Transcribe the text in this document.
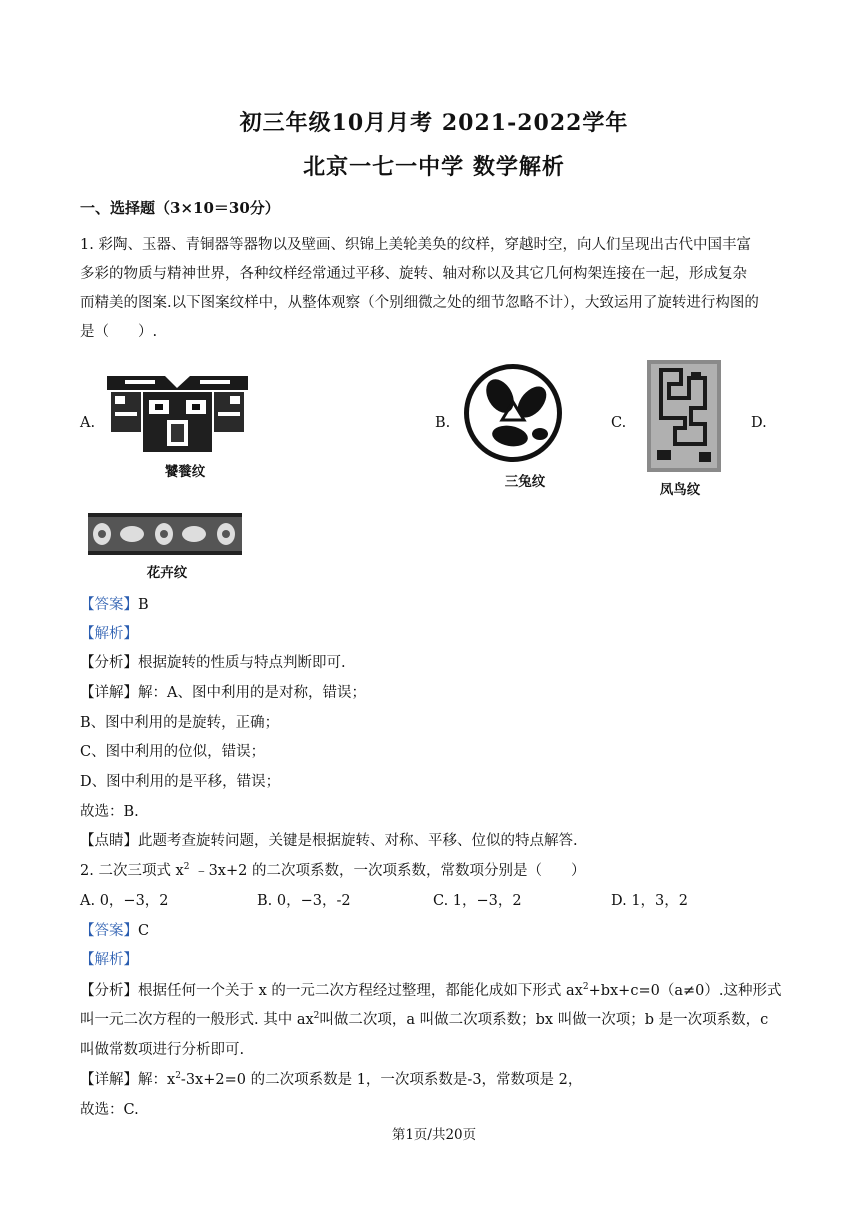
初三年级10月月考 2021-2022学年
北京一七一中学 数学解析
一、选择题（3×10＝30分）
1. 彩陶、玉器、青铜器等器物以及壁画、织锦上美轮美奂的纹样，穿越时空，向人们呈现出古代中国丰富
多彩的物质与精神世界，各种纹样经常通过平移、旋转、轴对称以及其它几何构架连接在一起，形成复杂
而精美的图案.以下图案纹样中，从整体观察（个别细微之处的细节忽略不计），大致运用了旋转进行构图的
是（　　）.
A.
饕餮纹
B.
三兔纹
C.
凤鸟纹
D.
花卉纹
【答案】B
【解析】
【分析】根据旋转的性质与特点判断即可.
【详解】解：A、图中利用的是对称，错误；
B、图中利用的是旋转，正确；
C、图中利用的位似，错误；
D、图中利用的是平移，错误；
故选：B.
【点睛】此题考查旋转问题，关键是根据旋转、对称、平移、位似的特点解答.
2. 二次三项式 $x^2$ ﹣3x+2 的二次项系数，一次项系数，常数项分别是（　　）
A. 0，−3，2	B. 0，−3，-2	C. 1，−3，2	D. 1，3，2
【答案】C
【解析】
【分析】根据任何一个关于 x 的一元二次方程经过整理，都能化成如下形式 $ax^2+bx+c=0(a\ne 0)$.这种形式
叫一元二次方程的一般形式. 其中 $ax^2$叫做二次项，a 叫做二次项系数；bx 叫做一次项；b 是一次项系数，c
叫做常数项进行分析即可.
【详解】解：$x^2-3x+2=0$ 的二次项系数是 1，一次项系数是-3，常数项是 2，
故选：C.
第1页/共20页
